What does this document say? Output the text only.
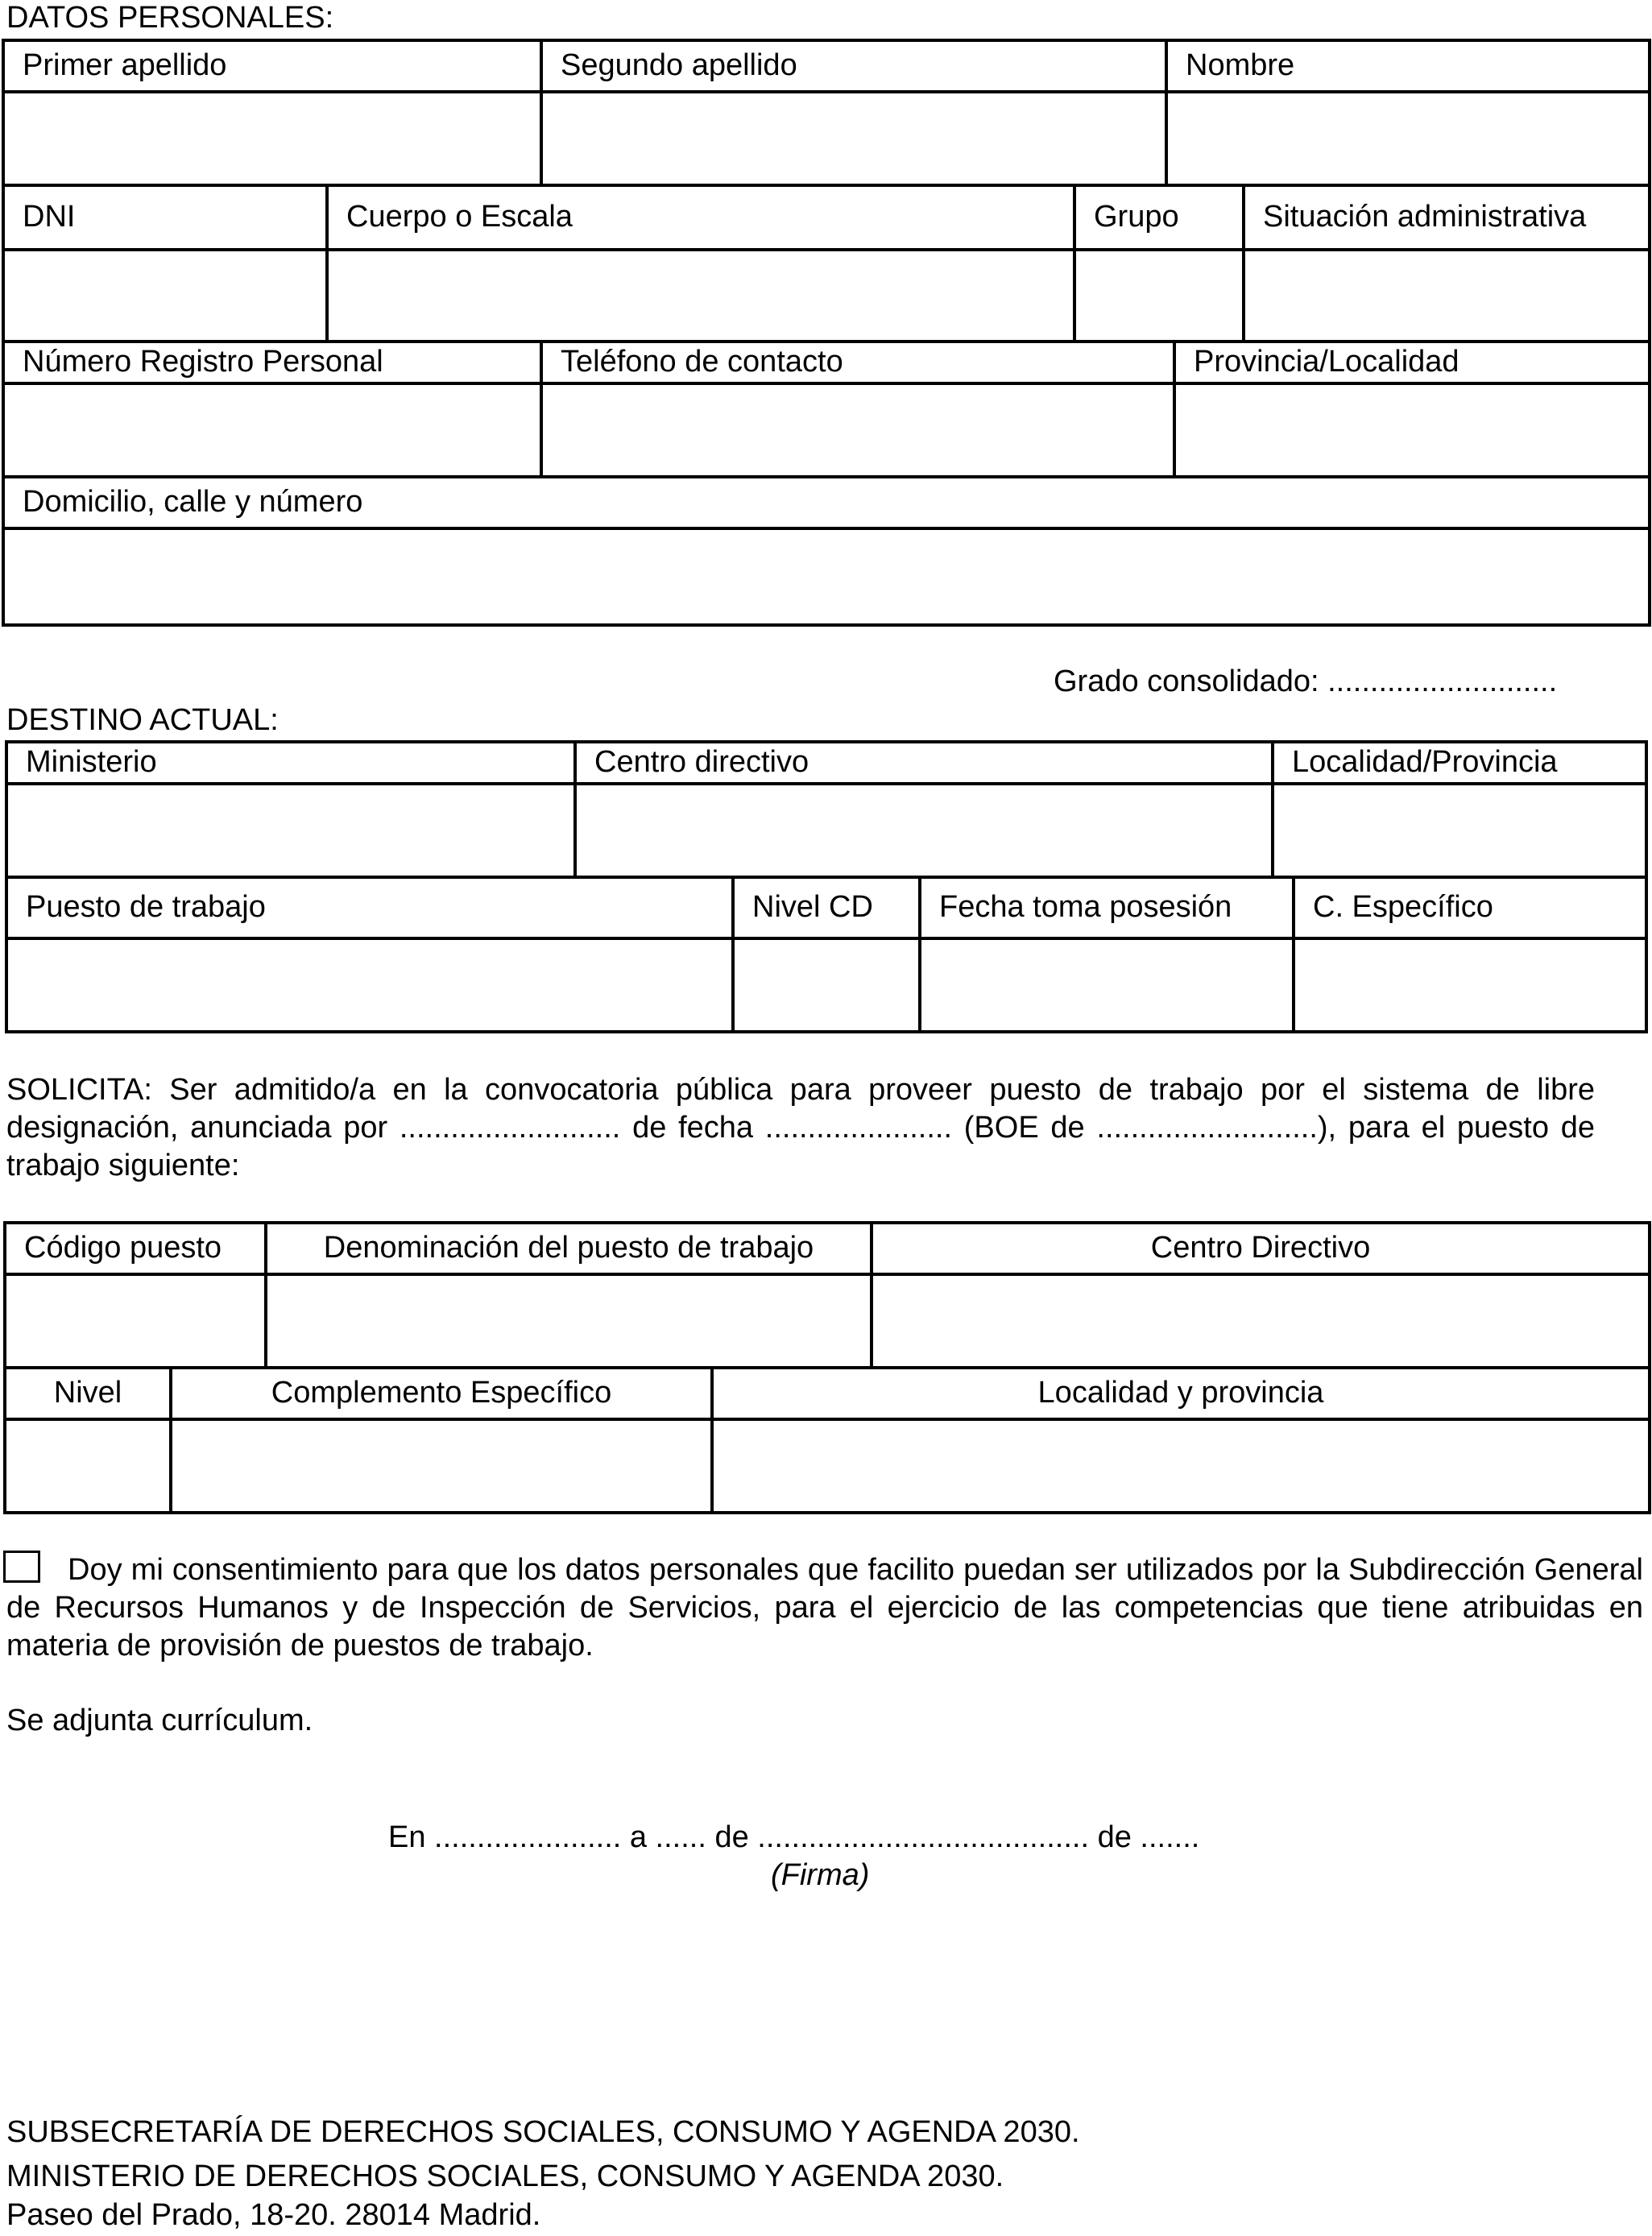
DATOS PERSONALES:
Primer apellido	Segundo apellido	Nombre

DNI	Cuerpo o Escala	Grupo	Situación administrativa

Número Registro Personal	Teléfono de contacto	Provincia/Localidad

Domicilio, calle y número

Grado consolidado: ...........................
DESTINO ACTUAL:
Ministerio	Centro directivo	Localidad/Provincia

Puesto de trabajo	Nivel CD	Fecha toma posesión	C. Específico

SOLICITA: Ser admitido/a en la convocatoria pública para proveer puesto de trabajo por el sistema de libre designación, anunciada por .......................... de fecha ...................... (BOE de ..........................), para el puesto de trabajo siguiente:
Código puesto	Denominación del puesto de trabajo	Centro Directivo

Nivel	Complemento Específico	Localidad y provincia

Doy mi consentimiento para que los datos personales que facilito puedan ser utilizados por la Subdirección General de Recursos Humanos y de Inspección de Servicios, para el ejercicio de las competencias que tiene atribuidas en materia de provisión de puestos de trabajo.
Se adjunta currículum.
En ...................... a ...... de ....................................... de .......
(Firma)
SUBSECRETARÍA DE DERECHOS SOCIALES, CONSUMO Y AGENDA 2030.
MINISTERIO DE DERECHOS SOCIALES, CONSUMO Y AGENDA 2030.
Paseo del Prado, 18-20. 28014 Madrid.
